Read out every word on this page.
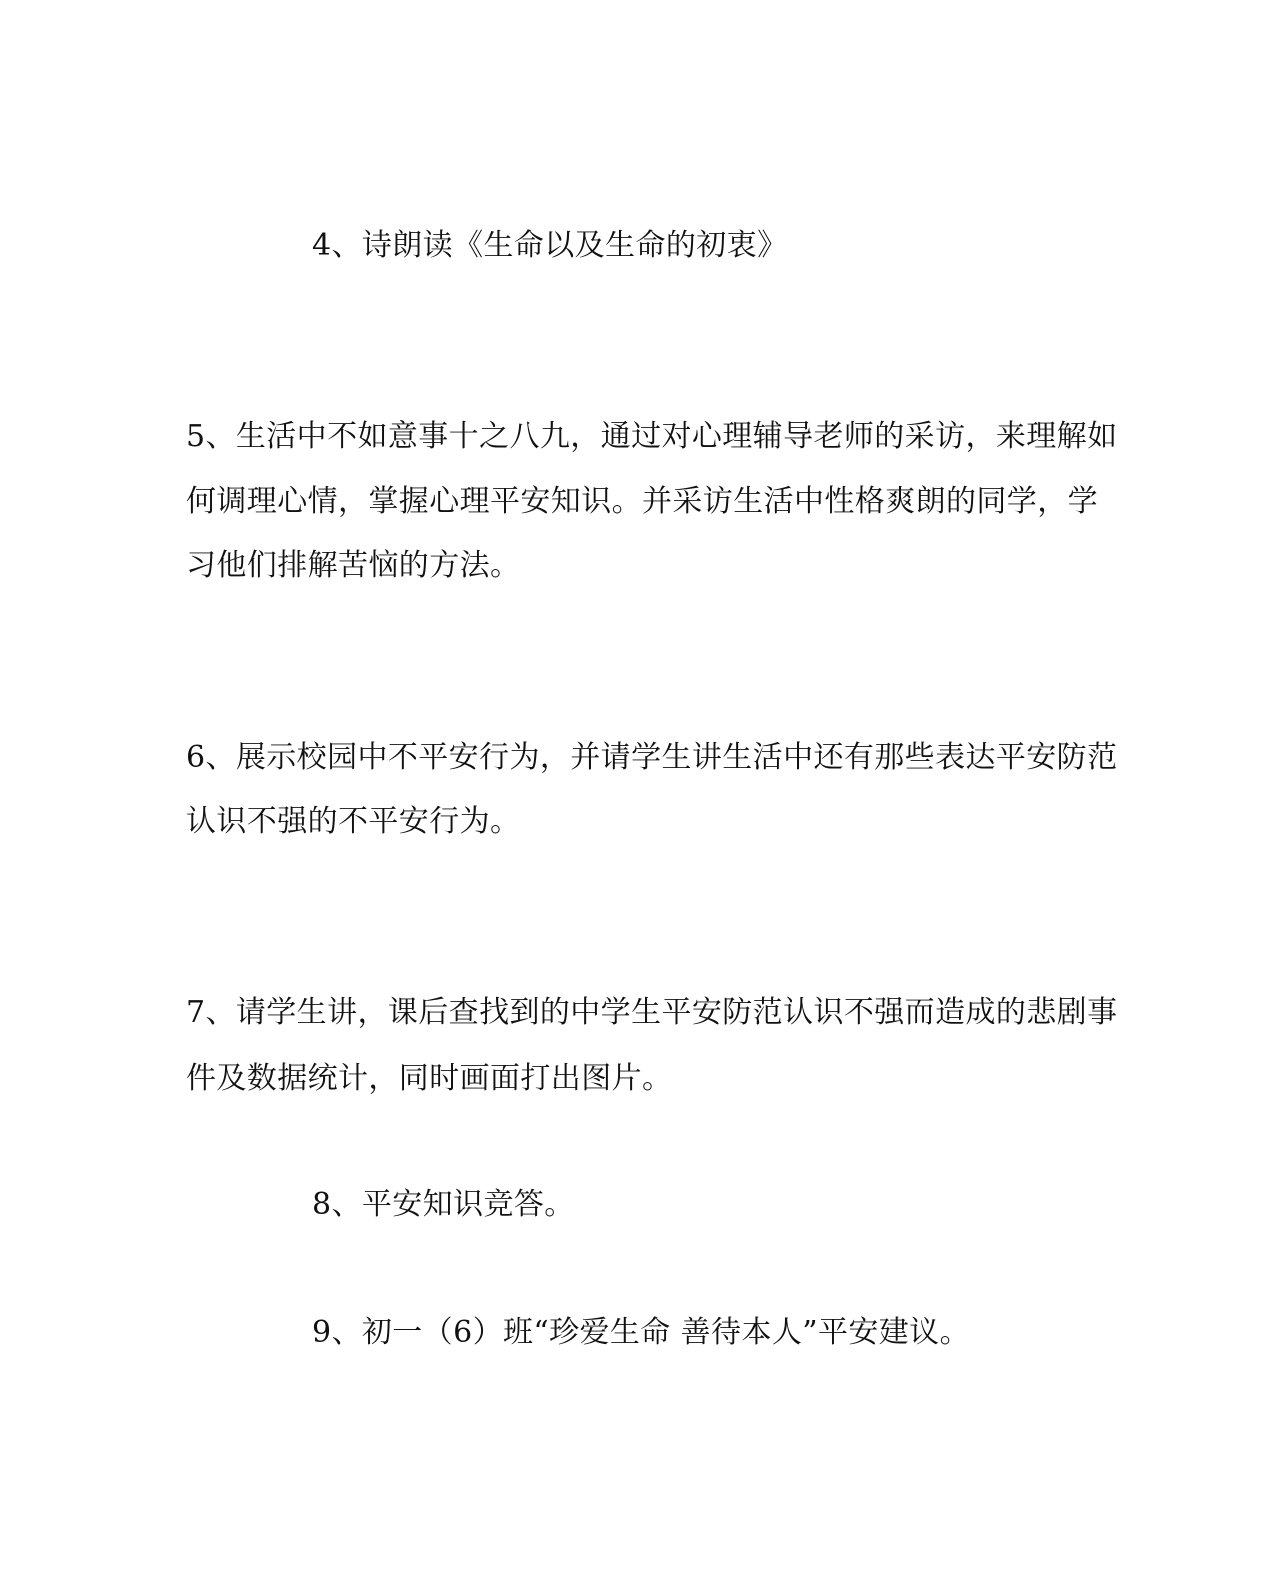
4、诗朗读《生命以及生命的初衷》
5、生活中不如意事十之八九，通过对心理辅导老师的采访，来理解如
何调理心情，掌握心理平安知识。并采访生活中性格爽朗的同学，学
习他们排解苦恼的方法。
6、展示校园中不平安行为，并请学生讲生活中还有那些表达平安防范
认识不强的不平安行为。
7、请学生讲，课后查找到的中学生平安防范认识不强而造成的悲剧事
件及数据统计，同时画面打出图片。
8、平安知识竞答。
9、初一（6）班“珍爱生命 善待本人”平安建议。
